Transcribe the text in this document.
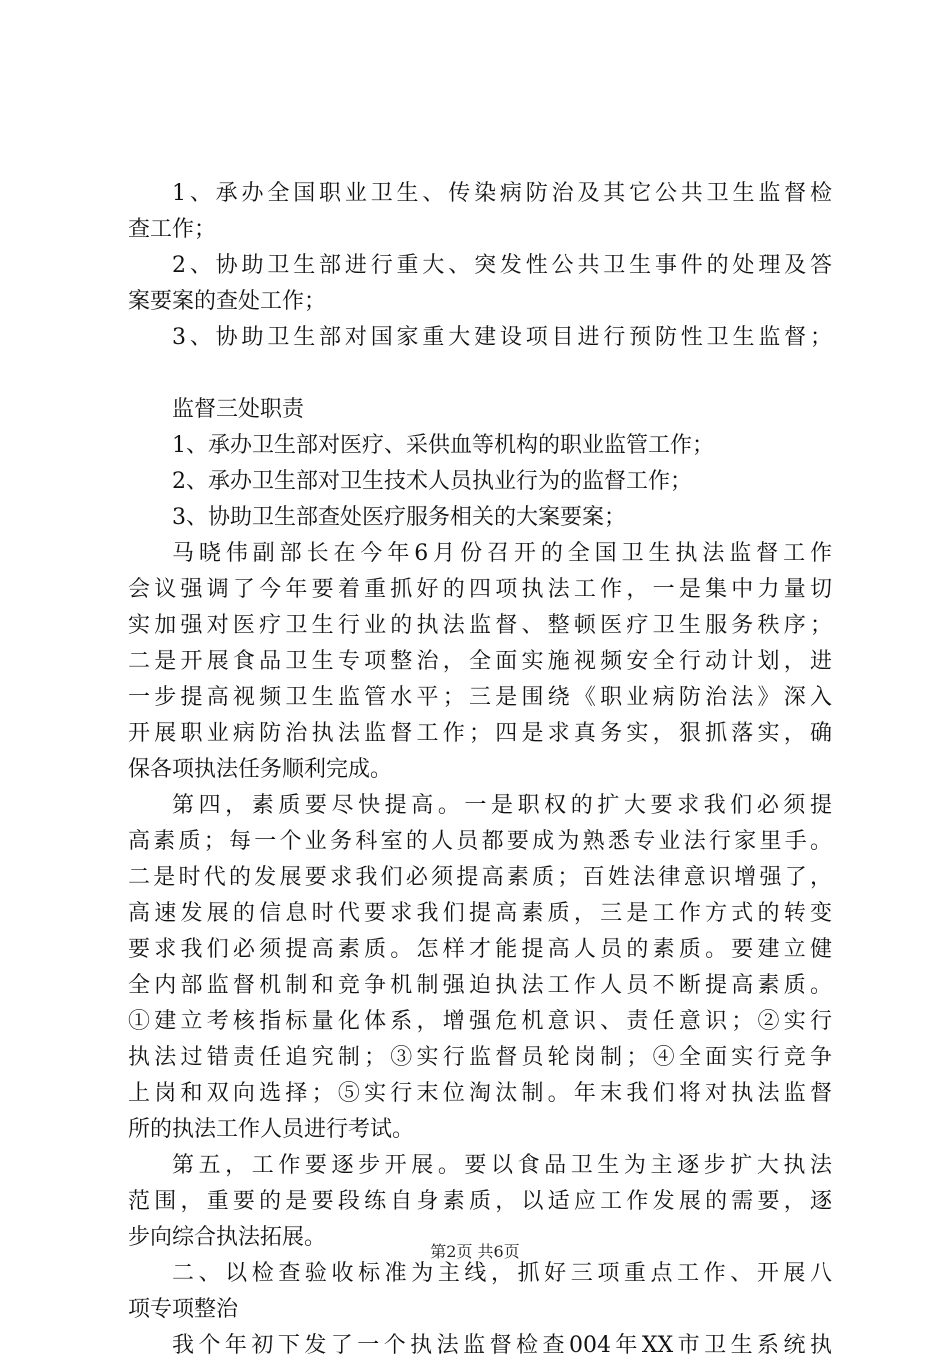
1、承办全国职业卫生、传染病防治及其它公共卫生监督检
查工作；
2、协助卫生部进行重大、突发性公共卫生事件的处理及答
案要案的查处工作；
3、协助卫生部对国家重大建设项目进行预防性卫生监督；
监督三处职责
1、承办卫生部对医疗、采供血等机构的职业监管工作；
2、承办卫生部对卫生技术人员执业行为的监督工作；
3、协助卫生部查处医疗服务相关的大案要案；
马晓伟副部长在今年6月份召开的全国卫生执法监督工作
会议强调了今年要着重抓好的四项执法工作，一是集中力量切
实加强对医疗卫生行业的执法监督、整顿医疗卫生服务秩序；
二是开展食品卫生专项整治，全面实施视频安全行动计划，进
一步提高视频卫生监管水平；三是围绕《职业病防治法》深入
开展职业病防治执法监督工作；四是求真务实，狠抓落实，确
保各项执法任务顺利完成。
第四，素质要尽快提高。一是职权的扩大要求我们必须提
高素质；每一个业务科室的人员都要成为熟悉专业法行家里手。
二是时代的发展要求我们必须提高素质；百姓法律意识增强了，
高速发展的信息时代要求我们提高素质，三是工作方式的转变
要求我们必须提高素质。怎样才能提高人员的素质。要建立健
全内部监督机制和竞争机制强迫执法工作人员不断提高素质。
①建立考核指标量化体系，增强危机意识、责任意识；②实行
执法过错责任追究制；③实行监督员轮岗制；④全面实行竞争
上岗和双向选择；⑤实行末位淘汰制。年末我们将对执法监督
所的执法工作人员进行考试。
第五，工作要逐步开展。要以食品卫生为主逐步扩大执法
范围，重要的是要段练自身素质，以适应工作发展的需要，逐
步向综合执法拓展。
二、以检查验收标准为主线，抓好三项重点工作、开展八
项专项整治
我个年初下发了一个执法监督检查004年XX市卫生系统执
第2页 共6页
